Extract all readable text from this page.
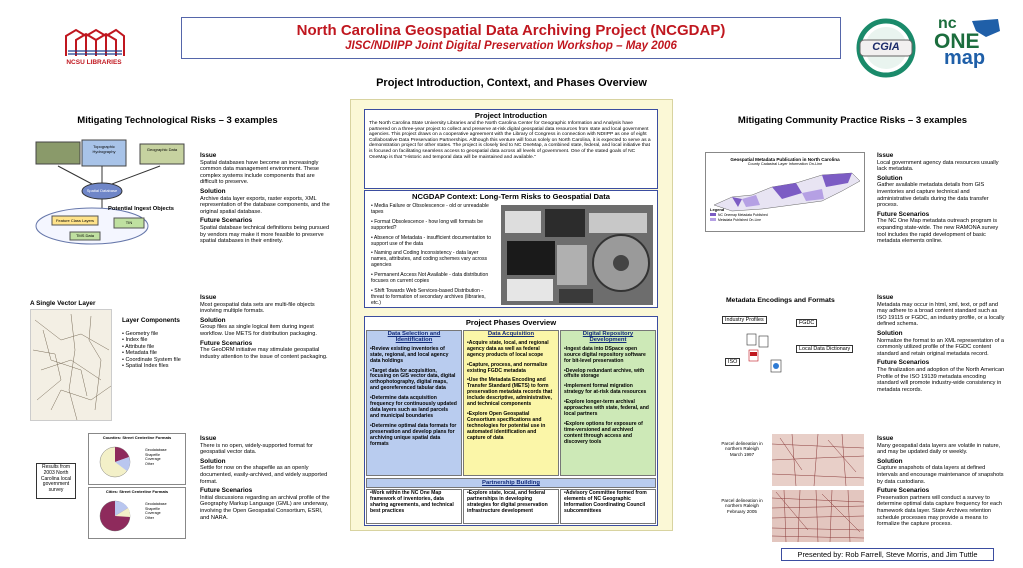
NCSU LIBRARIES
North Carolina Geospatial Data Archiving Project (NCGDAP)
JISC/NDIIPP Joint Digital Preservation Workshop – May 2006	CGIA
nc
ONE
map
Project Introduction, Context, and Phases Overview
Mitigating Technological Risks – 3 examples
Topographic Hydrography	Geographic Data
Spatial Database
Feature Class Layers	TIN
TMS Data
Potential Ingest Objects
Issue

Spatial databases have become an increasingly common data management environment. These complex systems include components that are difficult to preserve.

Solution

Archive data layer exports, raster exports, XML representation of the database components, and the original spatial database.

Future Scenarios

Spatial database technical definitions being pursued by vendors may make it more feasible to preserve spatial databases in their entirety.

A Single Vector Layer
Layer Components
• Geometry file
• Index file
• Attribute file
• Metadata file
• Coordinate System file
• Spatial Index files
Issue

Most geospatial data sets are multi-file objects involving multiple formats.

Solution

Group files as single logical item during ingest workflow. Use METS for distribution packaging.

Future Scenarios

The GeoDRM initiative may stimulate geospatial industry attention to the issue of content packaging.

Counties: Street Centerline Formats
Geodatabase
Shapefile
Coverage
Other
Cities: Street Centerline Formats
Geodatabase
Shapefile
Coverage
Other
Results from 2003 North Carolina local government survey
Issue

There is no open, widely-supported format for geospatial vector data.

Solution

Settle for now on the shapefile as an openly documented, easily-archived, and widely supported format.

Future Scenarios

Initial discussions regarding an archival profile of the Geography Markup Language (GML) are underway, involving the Open Geospatial Consortium, ESRI, and NARA.

Project Introduction

The North Carolina State University Libraries and the North Carolina Center for Geographic Information and Analysis have partnered on a three-year project to collect and preserve at-risk digital geospatial data resources from state and local government agencies. This project draws on a cooperative agreement with the Library of Congress in connection with NDIIPP as one of eight Collaborative Data Preservation Partnerships. Although this venture will focus solely on North Carolina, it is expected to serve as a demonstration project for other states. The project is closely tied to NC OneMap, a combined state, federal, and local initiative that is focused on facilitating seamless access to geospatial data across all levels of government. One of the stated goals of NC OneMap is that "Historic and temporal data will be maintained and available."

NCGDAP Context: Long-Term Risks to Geospatial Data
• Media Failure or Obsolescence - old or unreadable tapes
• Format Obsolescence - how long will formats be supported?
• Absence of Metadata - insufficient documentation to support use of the data
• Naming and Coding Inconsistency - data layer names, attributes, and coding schemes vary across agencies
• Permanent Access Not Available - data distribution focuses on current copies
• Shift Towards Web Services-based Distribution - threat to formation of secondary archives (libraries, etc.)
Project Phases Overview
Data Selection and Identification

•Review existing inventories of state, regional, and local agency data holdings

•Target data for acquisition, focusing on GIS vector data, digital orthophotography, digital maps, and georeferenced tabular data

•Determine data acquisition frequency for continuously updated data layers such as land parcels and municipal boundaries

•Determine optimal data formats for preservation and develop plans for archiving unique spatial data formats

Data Acquisition

•Acquire state, local, and regional agency data as well as federal agency products of local scope

•Capture, process, and normalize existing FGDC metadata

•Use the Metadata Encoding and Transfer Standard (METS) to form preservation metadata records that include descriptive, administrative, and technical components

•Explore Open Geospatial Consortium specifications and technologies for potential use in automated identification and capture of data

Digital Repository Development

•Ingest data into DSpace open source digital repository software for bit-level preservation

•Develop redundant archive, with offsite storage

•Implement formal migration strategy for at-risk data resources

•Explore longer-term archival approaches with state, federal, and local partners

•Explore options for exposure of time-versioned and archived content through access and discovery tools

Partnership Building
•Work within the NC One Map framework of inventories, data sharing agreements, and technical best practices
•Explore state, local, and federal partnerships in developing strategies for digital preservation infrastructure development
•Advisory Committee formed from elements of NC Geographic Information Coordinating Council subcommittees
Mitigating Community Practice Risks – 3 examples
Geospatial Metadata Publication in North Carolina
County Cadastral Layer Information On-Line
Legend
NC Onemap Metadata Published
Metadata Published On-Line
Issue

Local government agency data resources usually lack metadata.

Solution

Gather available metadata details from GIS inventories and capture technical and administrative details during the data transfer process.

Future Scenarios

The NC One Map metadata outreach program is expanding state-wide. The new RAMONA survey tool includes the rapid development of basic metadata elements online.

Metadata Encodings and Formats
Industry Profiles	FGDC
Local Data Dictionary
ISO
Issue

Metadata may occur in html, xml, text, or pdf and may adhere to a broad content standard such as ISO 19115 or FGDC, an industry profile, or a locally defined schema.

Solution

Normalize the format to an XML representation of a commonly utilized profile of the FGDC content standard and retain original metadata record.

Future Scenarios

The finalization and adoption of the North American Profile of the ISO 19139 metadata encoding standard will promote industry-wide consistency in metadata records.

Parcel delineation in northern Raleigh March 1997
Parcel delineation in northern Raleigh February 2005
Issue

Many geospatial data layers are volatile in nature, and may be updated daily or weekly.

Solution

Capture snapshots of data layers at defined intervals and encourage maintenance of snapshots by data custodians.

Future Scenarios

Preservation partners will conduct a survey to determine optimal data capture frequency for each framework data layer. State Archives retention schedule processes may provide a means to formalize the capture process.

Presented by: Rob Farrell, Steve Morris, and Jim Tuttle
